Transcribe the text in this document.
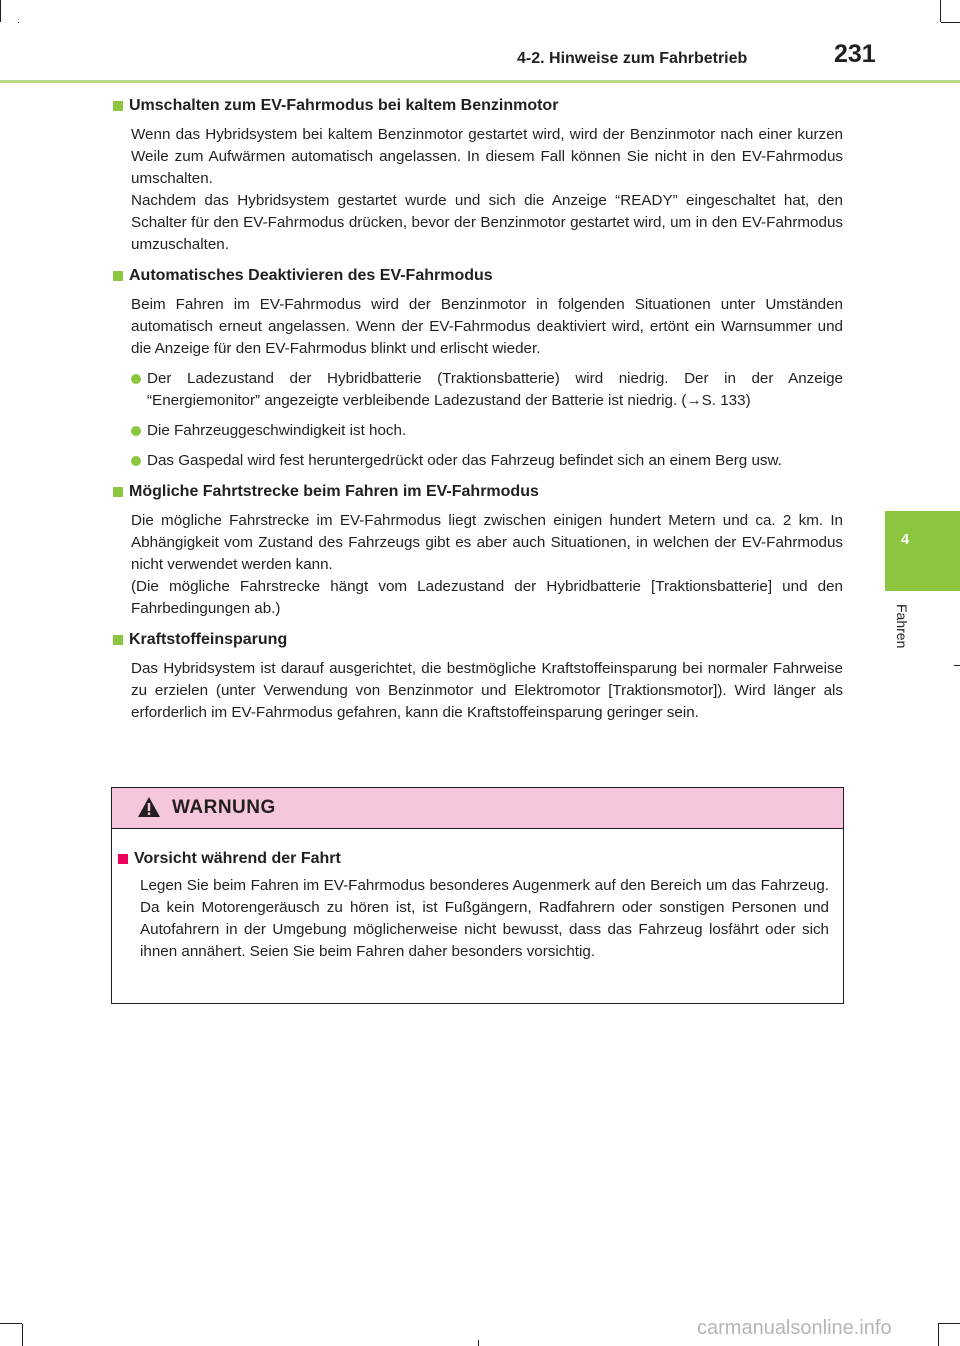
4-2. Hinweise zum Fahrbetrieb	231
4
Fahren
Umschalten zum EV-Fahrmodus bei kaltem Benzinmotor

Wenn das Hybridsystem bei kaltem Benzinmotor gestartet wird, wird der Benzinmotor nach einer kurzen Weile zum Aufwärmen automatisch angelassen. In diesem Fall können Sie nicht in den EV-Fahrmodus umschalten.

Nachdem das Hybridsystem gestartet wurde und sich die Anzeige “READY” eingeschaltet hat, den Schalter für den EV-Fahrmodus drücken, bevor der Benzinmotor gestartet wird, um in den EV-Fahrmodus umzuschalten.

Automatisches Deaktivieren des EV-Fahrmodus

Beim Fahren im EV-Fahrmodus wird der Benzinmotor in folgenden Situationen unter Umständen automatisch erneut angelassen. Wenn der EV-Fahrmodus deaktiviert wird, ertönt ein Warnsummer und die Anzeige für den EV-Fahrmodus blinkt und erlischt wieder.

Der Ladezustand der Hybridbatterie (Traktionsbatterie) wird niedrig. Der in der Anzeige “Energiemonitor” angezeigte verbleibende Ladezustand der Batterie ist niedrig. (→S. 133)
Die Fahrzeuggeschwindigkeit ist hoch.
Das Gaspedal wird fest heruntergedrückt oder das Fahrzeug befindet sich an einem Berg usw.
Mögliche Fahrtstrecke beim Fahren im EV-Fahrmodus

Die mögliche Fahrstrecke im EV-Fahrmodus liegt zwischen einigen hundert Metern und ca. 2 km. In Abhängigkeit vom Zustand des Fahrzeugs gibt es aber auch Situationen, in welchen der EV-Fahrmodus nicht verwendet werden kann.

(Die mögliche Fahrstrecke hängt vom Ladezustand der Hybridbatterie [Traktionsbatterie] und den Fahrbedingungen ab.)

Kraftstoffeinsparung

Das Hybridsystem ist darauf ausgerichtet, die bestmögliche Kraftstoffeinsparung bei normaler Fahrweise zu erzielen (unter Verwendung von Benzinmotor und Elektromotor [Traktionsmotor]). Wird länger als erforderlich im EV-Fahrmodus gefahren, kann die Kraftstoffeinsparung geringer sein.

WARNUNG
Vorsicht während der Fahrt

Legen Sie beim Fahren im EV-Fahrmodus besonderes Augenmerk auf den Bereich um das Fahrzeug. Da kein Motorengeräusch zu hören ist, ist Fußgängern, Radfahrern oder sonstigen Personen und Autofahrern in der Umgebung möglicherweise nicht bewusst, dass das Fahrzeug losfährt oder sich ihnen annähert. Seien Sie beim Fahren daher besonders vorsichtig.

carmanualsonline.info
